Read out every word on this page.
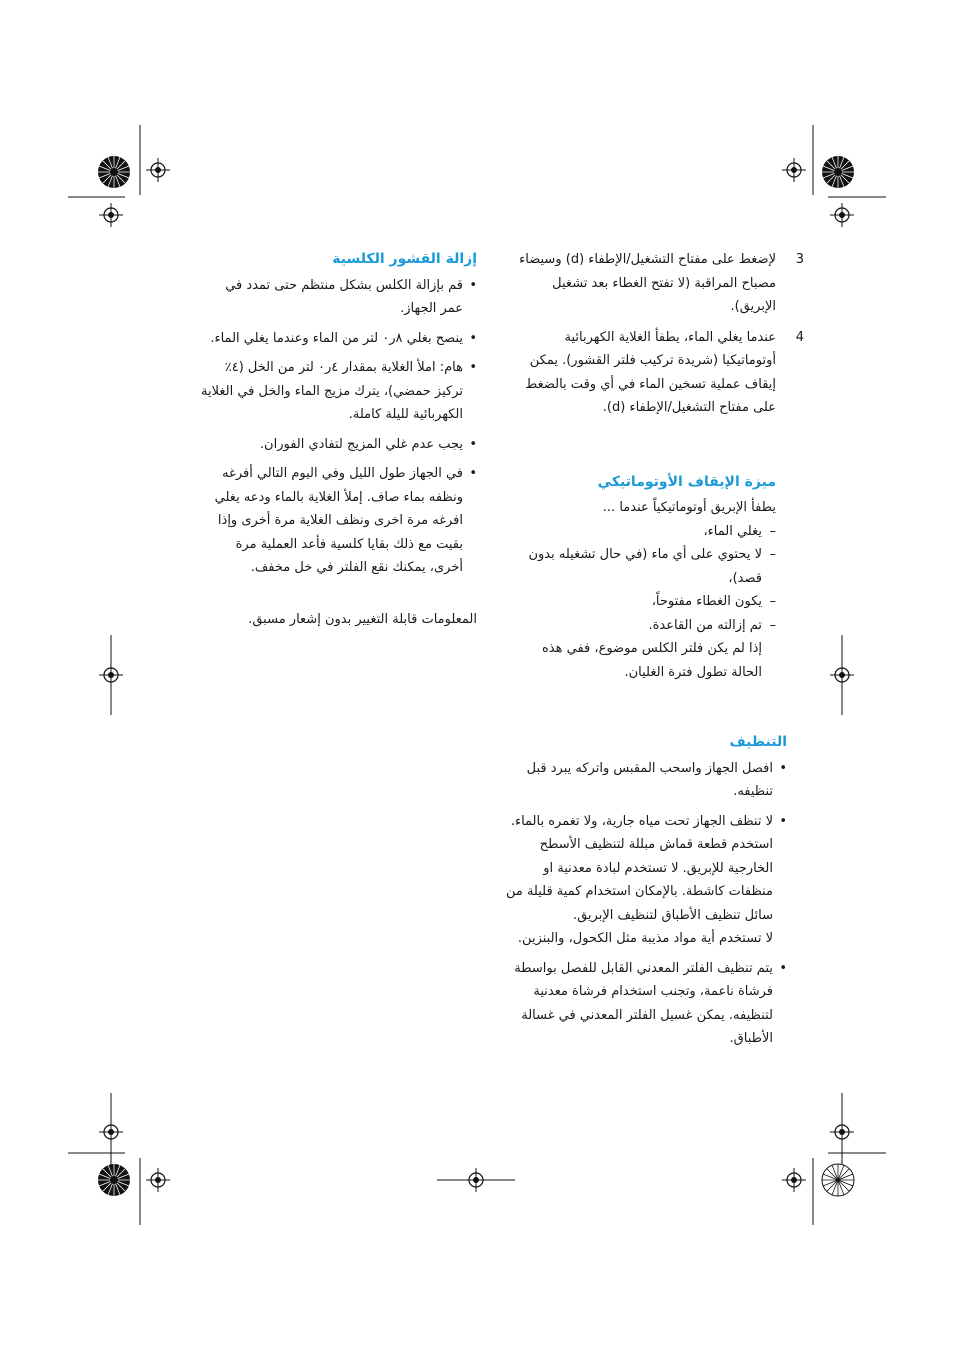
3
لإضغط على مفتاح التشغيل/الإطفاء (d) وسيضاء مصباح المراقبة (لا تفتح الغطاء بعد تشغيل الإبريق).
4
عندما يغلي الماء، يطفأ الغلاية الكهربائية أوتوماتيكيا (شريدة تركيب فلتر القشور). يمكن إيقاف عملية تسخين الماء في أي وقت بالضغط على مفتاح التشغيل/الإطفاء (d).
ميزة الإيقاف الأوتوماتيكي

يطفأ الإبريق أوتوماتيكياً عندما ...

– يغلي الماء،
– لا يحتوي على أي ماء (في حال تشغيله بدون قصد)،
– يكون الغطاء مفتوحاً،
– تم إزالته من القاعدة.

إذا لم يكن فلتر الكلس موضوع، ففي هذه الحالة تطول فترة الغليان.

إزالة القشور الكلسية
• قم بإزالة الكلس بشكل منتظم حتى تمدد في عمر الجهاز.
• ينصح بغلي ٨ر٠ لتر من الماء وعندما يغلي الماء.
• هام: املأ الغلاية بمقدار ٤ر٠ لتر من الخل (٤٪ تركيز حمضي)، يترك مزيج الماء والخل في الغلاية الكهربائية لليلة كاملة.
• يجب عدم غلي المزيج لتفادي الفوران.
• في الجهاز طول الليل وفي اليوم التالي أفرغه ونظفه بماء صاف. إملأ الغلاية بالماء ودعه يغلي افرغه مرة اخرى ونظف الغلاية مرة أخرى وإذا بقيت مع ذلك بقايا كلسية فأعد العملية مرة أخرى، يمكنك نقع الفلتر في خل مخفف.

المعلومات قابلة التغيير بدون إشعار مسبق.

التنظيف
• افصل الجهاز واسحب المقبس واتركه يبرد قبل تنظيفه.
• لا تنظف الجهاز تحت مياه جارية، ولا تغمره بالماء. استخدم قطعة قماش مبللة لتنظيف الأسطح الخارجية للإبريق. لا تستخدم لبادة معدنية او منظفات كاشطة. بالإمكان استخدام كمية قليلة من سائل تنظيف الأطباق لتنظيف الإبريق.
لا تستخدم أية مواد مذيبة مثل الكحول، والبنزين.
• يتم تنظيف الفلتر المعدني القابل للفصل بواسطة فرشاة ناعمة، وتجنب استخدام فرشاة معدنية لتنظيفه. يمكن غسيل الفلتر المعدني في غسالة الأطباق.
